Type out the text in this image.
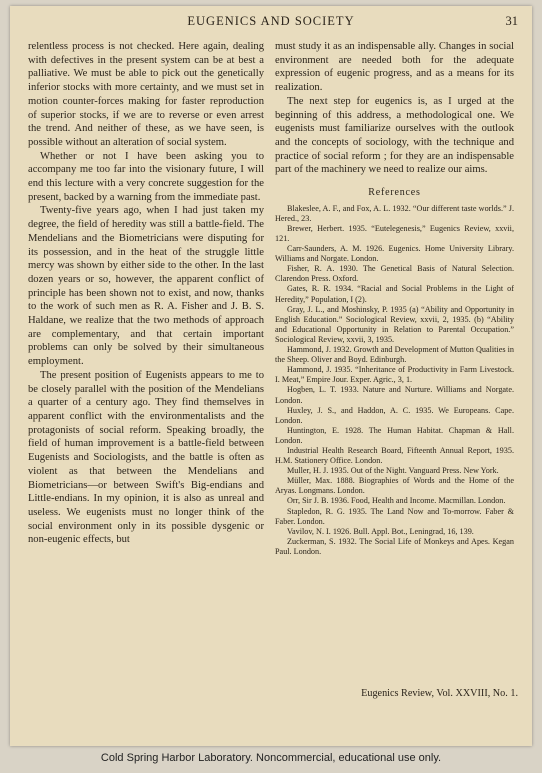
EUGENICS AND SOCIETY	31

relentless process is not checked. Here again, dealing with defectives in the present system can be at best a palliative. We must be able to pick out the genetically inferior stocks with more certainty, and we must set in motion counter-forces making for faster reproduction of superior stocks, if we are to reverse or even arrest the trend. And neither of these, as we have seen, is possible without an alteration of social system.

Whether or not I have been asking you to accompany me too far into the visionary future, I will end this lecture with a very concrete suggestion for the present, backed by a warning from the immediate past.

Twenty-five years ago, when I had just taken my degree, the field of heredity was still a battle-field. The Mendelians and the Biometricians were disputing for its possession, and in the heat of the struggle little mercy was shown by either side to the other. In the last dozen years or so, however, the apparent conflict of principle has been shown not to exist, and now, thanks to the work of such men as R. A. Fisher and J. B. S. Haldane, we realize that the two methods of approach are complementary, and that certain important problems can only be solved by their simultaneous employment.

The present position of Eugenists appears to me to be closely parallel with the position of the Mendelians a quarter of a century ago. They find themselves in apparent conflict with the environmentalists and the protagonists of social reform. Speaking broadly, the field of human improvement is a battle-field between Eugenists and Sociologists, and the battle is often as violent as that between the Mendelians and Biometricians—or between Swift's Big-endians and Little-endians. In my opinion, it is also as unreal and useless. We eugenists must no longer think of the social environment only in its possible dysgenic or non-eugenic effects, but

must study it as an indispensable ally. Changes in social environment are needed both for the adequate expression of eugenic progress, and as a means for its realization.

The next step for eugenics is, as I urged at the beginning of this address, a methodological one. We eugenists must familiarize ourselves with the outlook and the concepts of sociology, with the technique and practice of social reform ; for they are an indispensable part of the machinery we need to realize our aims.

References

Blakeslee, A. F., and Fox, A. L. 1932. “Our different taste worlds.” J. Hered., 23.

Brewer, Herbert. 1935. “Eutelegenesis,” Eugenics Review, xxvii, 121.

Carr-Saunders, A. M. 1926. Eugenics. Home University Library. Williams and Norgate. London.

Fisher, R. A. 1930. The Genetical Basis of Natural Selection. Clarendon Press. Oxford.

Gates, R. R. 1934. “Racial and Social Problems in the Light of Heredity,” Population, I (2).

Gray, J. L., and Moshinsky, P. 1935 (a) “Ability and Opportunity in English Education.” Sociological Review, xxvii, 2, 1935. (b) “Ability and Educational Opportunity in Relation to Parental Occupation.” Sociological Review, xxvii, 3, 1935.

Hammond, J. 1932. Growth and Development of Mutton Qualities in the Sheep. Oliver and Boyd. Edinburgh.

Hammond, J. 1935. “Inheritance of Productivity in Farm Livestock. I. Meat,” Empire Jour. Exper. Agric., 3, 1.

Hogben, L. T. 1933. Nature and Nurture. Williams and Norgate. London.

Huxley, J. S., and Haddon, A. C. 1935. We Europeans. Cape. London.

Huntington, E. 1928. The Human Habitat. Chapman & Hall. London.

Industrial Health Research Board, Fifteenth Annual Report, 1935. H.M. Stationery Office. London.

Muller, H. J. 1935. Out of the Night. Vanguard Press. New York.

Müller, Max. 1888. Biographies of Words and the Home of the Aryas. Longmans. London.

Orr, Sir J. B. 1936. Food, Health and Income. Macmillan. London.

Stapledon, R. G. 1935. The Land Now and To-morrow. Faber & Faber. London.

Vavilov, N. I. 1926. Bull. Appl. Bot., Leningrad, 16, 139.

Zuckerman, S. 1932. The Social Life of Monkeys and Apes. Kegan Paul. London.

Eugenics Review, Vol. XXVIII, No. 1.
Cold Spring Harbor Laboratory. Noncommercial, educational use only.
